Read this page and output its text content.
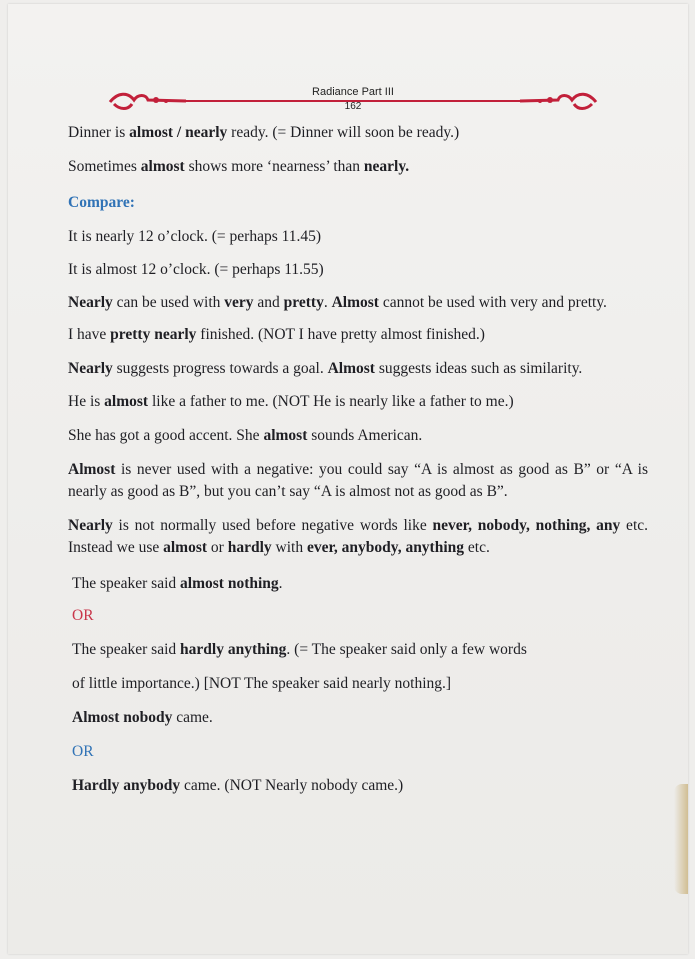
Radiance Part III
162

Dinner is almost / nearly ready. (= Dinner will soon be ready.)

Sometimes almost shows more ‘nearness’ than nearly.

Compare:

It is nearly 12 o’clock. (= perhaps 11.45)

It is almost 12 o’clock. (= perhaps 11.55)

Nearly can be used with very and pretty. Almost cannot be used with very and pretty.

I have pretty nearly finished. (NOT I have pretty almost finished.)

Nearly suggests progress towards a goal. Almost suggests ideas such as similarity.

He is almost like a father to me. (NOT He is nearly like a father to me.)

She has got a good accent. She almost sounds American.

Almost is never used with a negative: you could say “A is almost as good as B” or “A is nearly as good as B”, but you can’t say “A is almost not as good as B”.

Nearly is not normally used before negative words like never, nobody, nothing, any etc. Instead we use almost or hardly with ever, anybody, anything etc.

The speaker said almost nothing.

OR

The speaker said hardly anything. (= The speaker said only a few words

of little importance.) [NOT The speaker said nearly nothing.]

Almost nobody came.

OR

Hardly anybody came. (NOT Nearly nobody came.)
